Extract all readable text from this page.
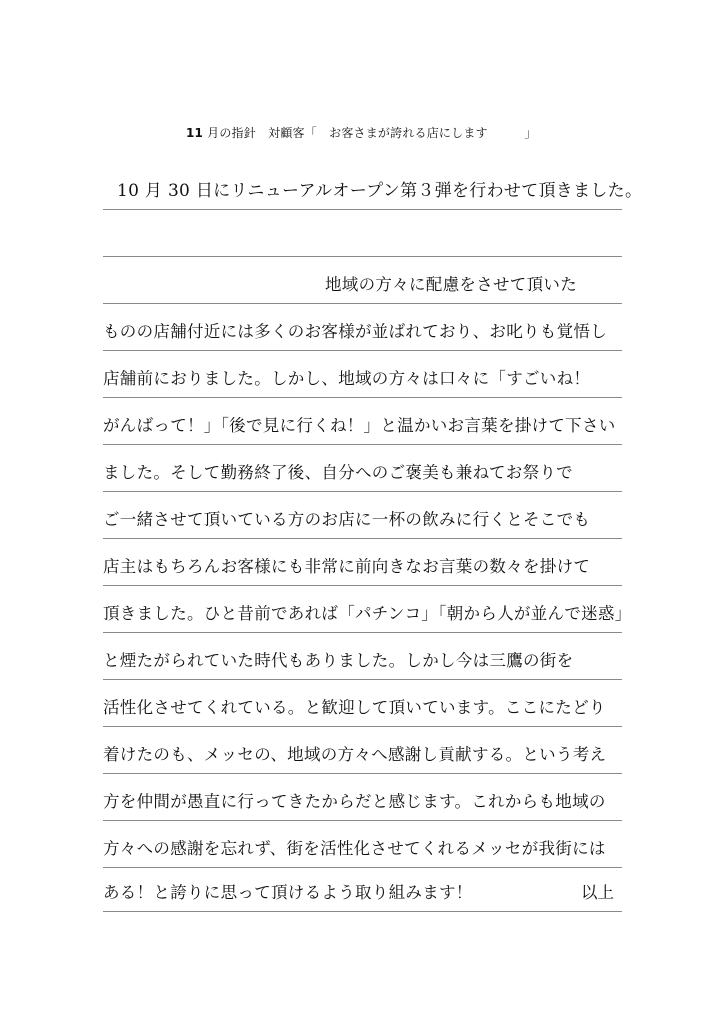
11 月の指針　対顧客「　お客さまが誇れる店にします　　　」
10 月 30 日にリニューアルオープン第３弾を行わせて頂きました。
地域の方々に配慮をさせて頂いた
ものの店舗付近には多くのお客様が並ばれており、お叱りも覚悟し
店舗前におりました。しかし、地域の方々は口々に「すごいね！
がんばって！」「後で見に行くね！」と温かいお言葉を掛けて下さい
ました。そして勤務終了後、自分へのご褒美も兼ねてお祭りで
ご一緒させて頂いている方のお店に一杯の飲みに行くとそこでも
店主はもちろんお客様にも非常に前向きなお言葉の数々を掛けて
頂きました。ひと昔前であれば「パチンコ」「朝から人が並んで迷惑」
と煙たがられていた時代もありました。しかし今は三鷹の街を
活性化させてくれている。と歓迎して頂いています。ここにたどり
着けたのも、メッセの、地域の方々へ感謝し貢献する。という考え
方を仲間が愚直に行ってきたからだと感じます。これからも地域の
方々への感謝を忘れず、街を活性化させてくれるメッセが我街には
ある！と誇りに思って頂けるよう取り組みます！	以上
